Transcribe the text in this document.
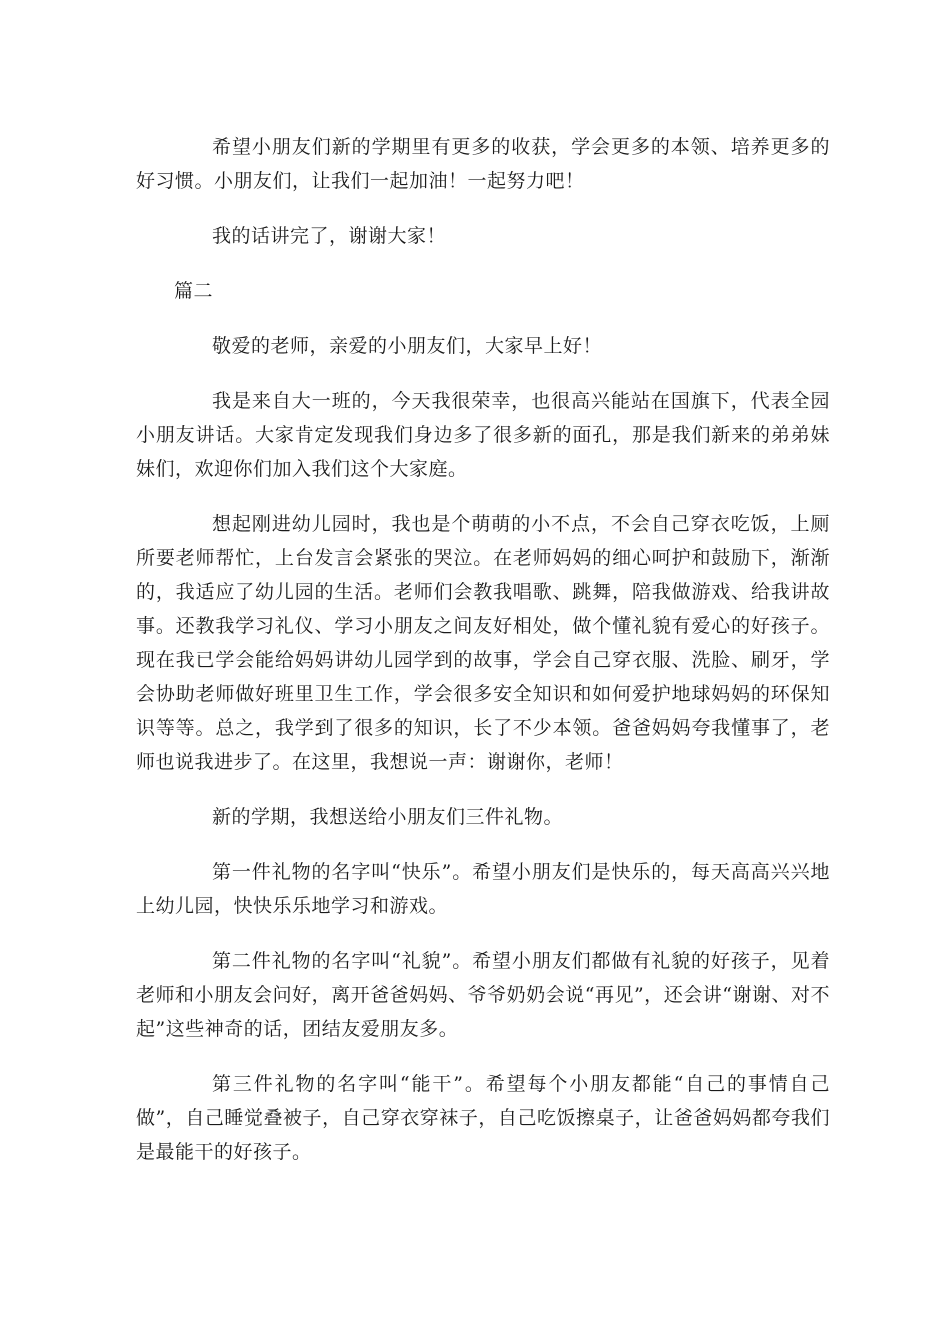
希望小朋友们新的学期里有更多的收获，学会更多的本领、培养更多的好习惯。小朋友们，让我们一起加油！一起努力吧！

我的话讲完了，谢谢大家！

篇二

敬爱的老师，亲爱的小朋友们，大家早上好！

我是来自大一班的，今天我很荣幸，也很高兴能站在国旗下，代表全园小朋友讲话。大家肯定发现我们身边多了很多新的面孔，那是我们新来的弟弟妹妹们，欢迎你们加入我们这个大家庭。

想起刚进幼儿园时，我也是个萌萌的小不点，不会自己穿衣吃饭，上厕所要老师帮忙，上台发言会紧张的哭泣。在老师妈妈的细心呵护和鼓励下，渐渐的，我适应了幼儿园的生活。老师们会教我唱歌、跳舞，陪我做游戏、给我讲故事。还教我学习礼仪、学习小朋友之间友好相处，做个懂礼貌有爱心的好孩子。现在我已学会能给妈妈讲幼儿园学到的故事，学会自己穿衣服、洗脸、刷牙，学会协助老师做好班里卫生工作，学会很多安全知识和如何爱护地球妈妈的环保知识等等。总之，我学到了很多的知识，长了不少本领。爸爸妈妈夸我懂事了，老师也说我进步了。在这里，我想说一声：谢谢你，老师！

新的学期，我想送给小朋友们三件礼物。

第一件礼物的名字叫“快乐”。希望小朋友们是快乐的，每天高高兴兴地上幼儿园，快快乐乐地学习和游戏。

第二件礼物的名字叫“礼貌”。希望小朋友们都做有礼貌的好孩子，见着老师和小朋友会问好，离开爸爸妈妈、爷爷奶奶会说“再见”，还会讲“谢谢、对不起”这些神奇的话，团结友爱朋友多。

第三件礼物的名字叫“能干”。希望每个小朋友都能“自己的事情自己做”，自己睡觉叠被子，自己穿衣穿袜子，自己吃饭擦桌子，让爸爸妈妈都夸我们是最能干的好孩子。
